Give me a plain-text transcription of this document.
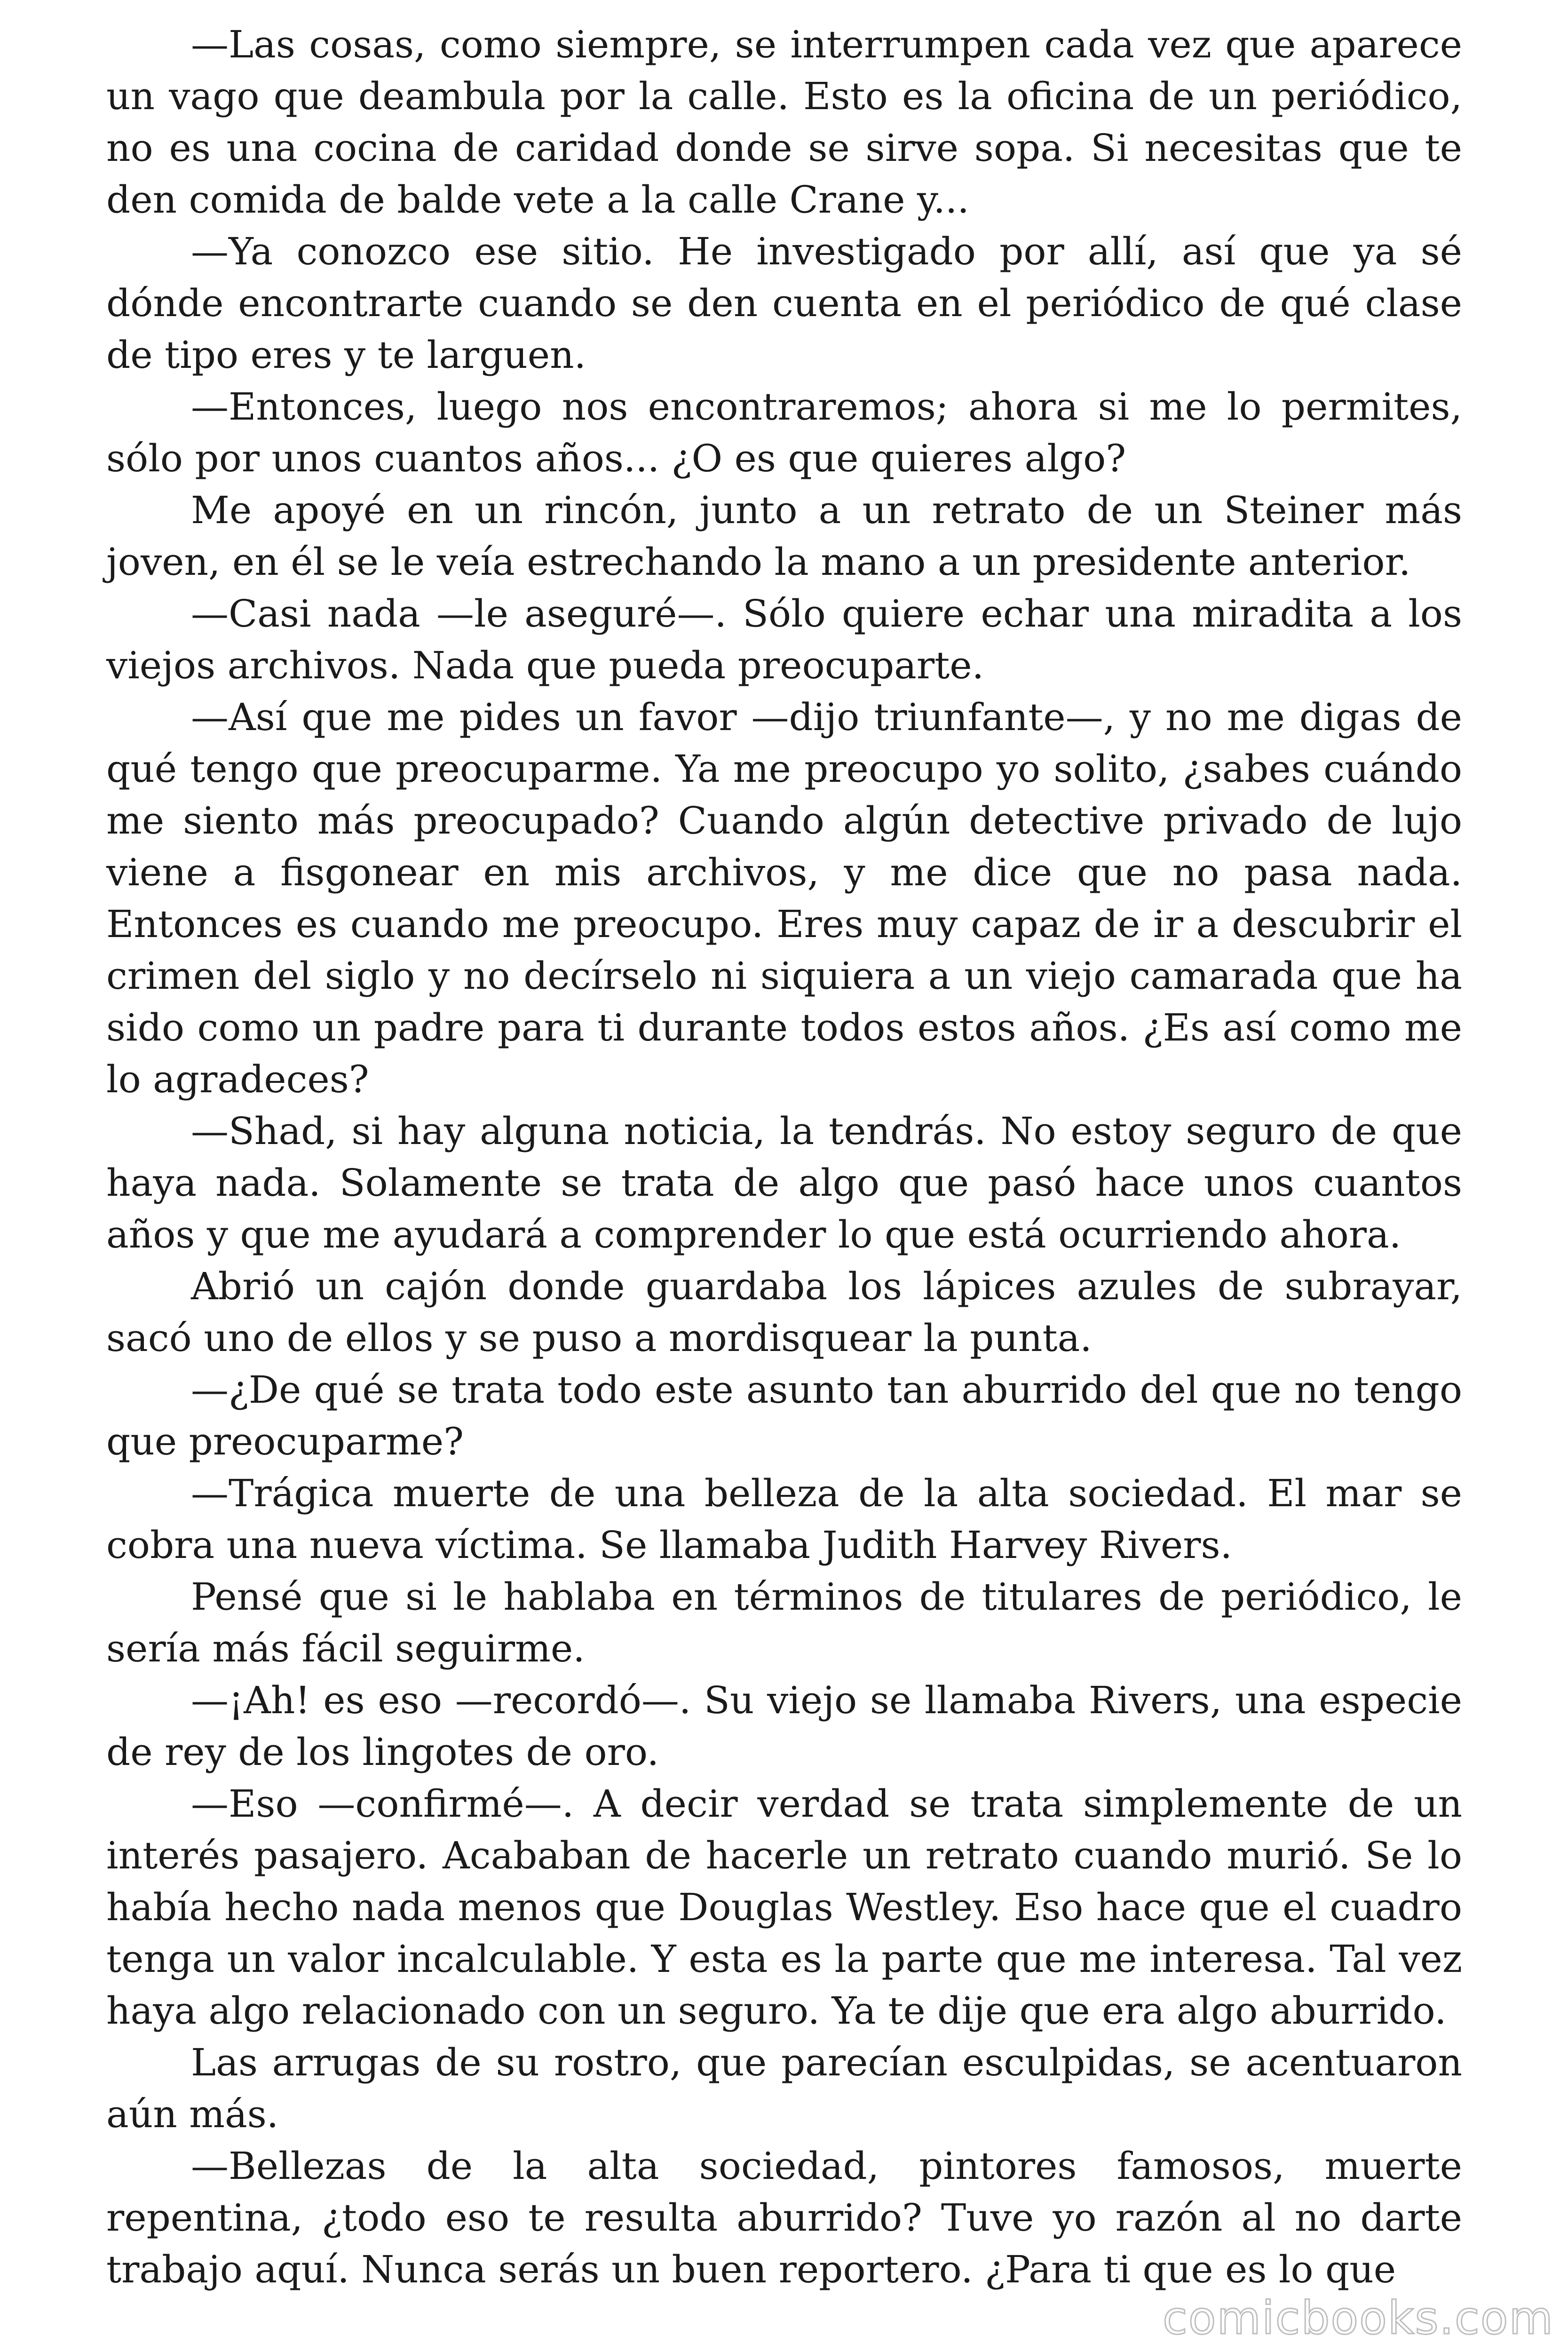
—Las cosas, como siempre, se interrumpen cada vez que aparece un vago que deambula por la calle. Esto es la oficina de un periódico, no es una cocina de caridad donde se sirve sopa. Si necesitas que te den comida de balde vete a la calle Crane y...

—Ya conozco ese sitio. He investigado por allí, así que ya sé dónde encontrarte cuando se den cuenta en el periódico de qué clase de tipo eres y te larguen.

—Entonces, luego nos encontraremos; ahora si me lo permites, sólo por unos cuantos años... ¿O es que quieres algo?

Me apoyé en un rincón, junto a un retrato de un Steiner más joven, en él se le veía estrechando la mano a un presidente anterior.

—Casi nada —le aseguré—. Sólo quiere echar una miradita a los viejos archivos. Nada que pueda preocuparte.

—Así que me pides un favor —dijo triunfante—, y no me digas de qué tengo que preocuparme. Ya me preocupo yo solito, ¿sabes cuándo me siento más preocupado? Cuando algún detective privado de lujo viene a fisgonear en mis archivos, y me dice que no pasa nada. Entonces es cuando me preocupo. Eres muy capaz de ir a descubrir el crimen del siglo y no decírselo ni siquiera a un viejo camarada que ha sido como un padre para ti durante todos estos años. ¿Es así como me lo agradeces?

—Shad, si hay alguna noticia, la tendrás. No estoy seguro de que haya nada. Solamente se trata de algo que pasó hace unos cuantos años y que me ayudará a comprender lo que está ocurriendo ahora.

Abrió un cajón donde guardaba los lápices azules de subrayar, sacó uno de ellos y se puso a mordisquear la punta.

—¿De qué se trata todo este asunto tan aburrido del que no tengo que preocuparme?

—Trágica muerte de una belleza de la alta sociedad. El mar se cobra una nueva víctima. Se llamaba Judith Harvey Rivers.

Pensé que si le hablaba en términos de titulares de periódico, le sería más fácil seguirme.

—¡Ah! es eso —recordó—. Su viejo se llamaba Rivers, una especie de rey de los lingotes de oro.

—Eso —confirmé—. A decir verdad se trata simplemente de un interés pasajero. Acababan de hacerle un retrato cuando murió. Se lo había hecho nada menos que Douglas Westley. Eso hace que el cuadro tenga un valor incalculable. Y esta es la parte que me interesa. Tal vez haya algo relacionado con un seguro. Ya te dije que era algo aburrido.

Las arrugas de su rostro, que parecían esculpidas, se acentuaron aún más.

—Bellezas de la alta sociedad, pintores famosos, muerte repentina, ¿todo eso te resulta aburrido? Tuve yo razón al no darte trabajo aquí. Nunca serás un buen reportero. ¿Para ti que es lo que

comicbooks.com
